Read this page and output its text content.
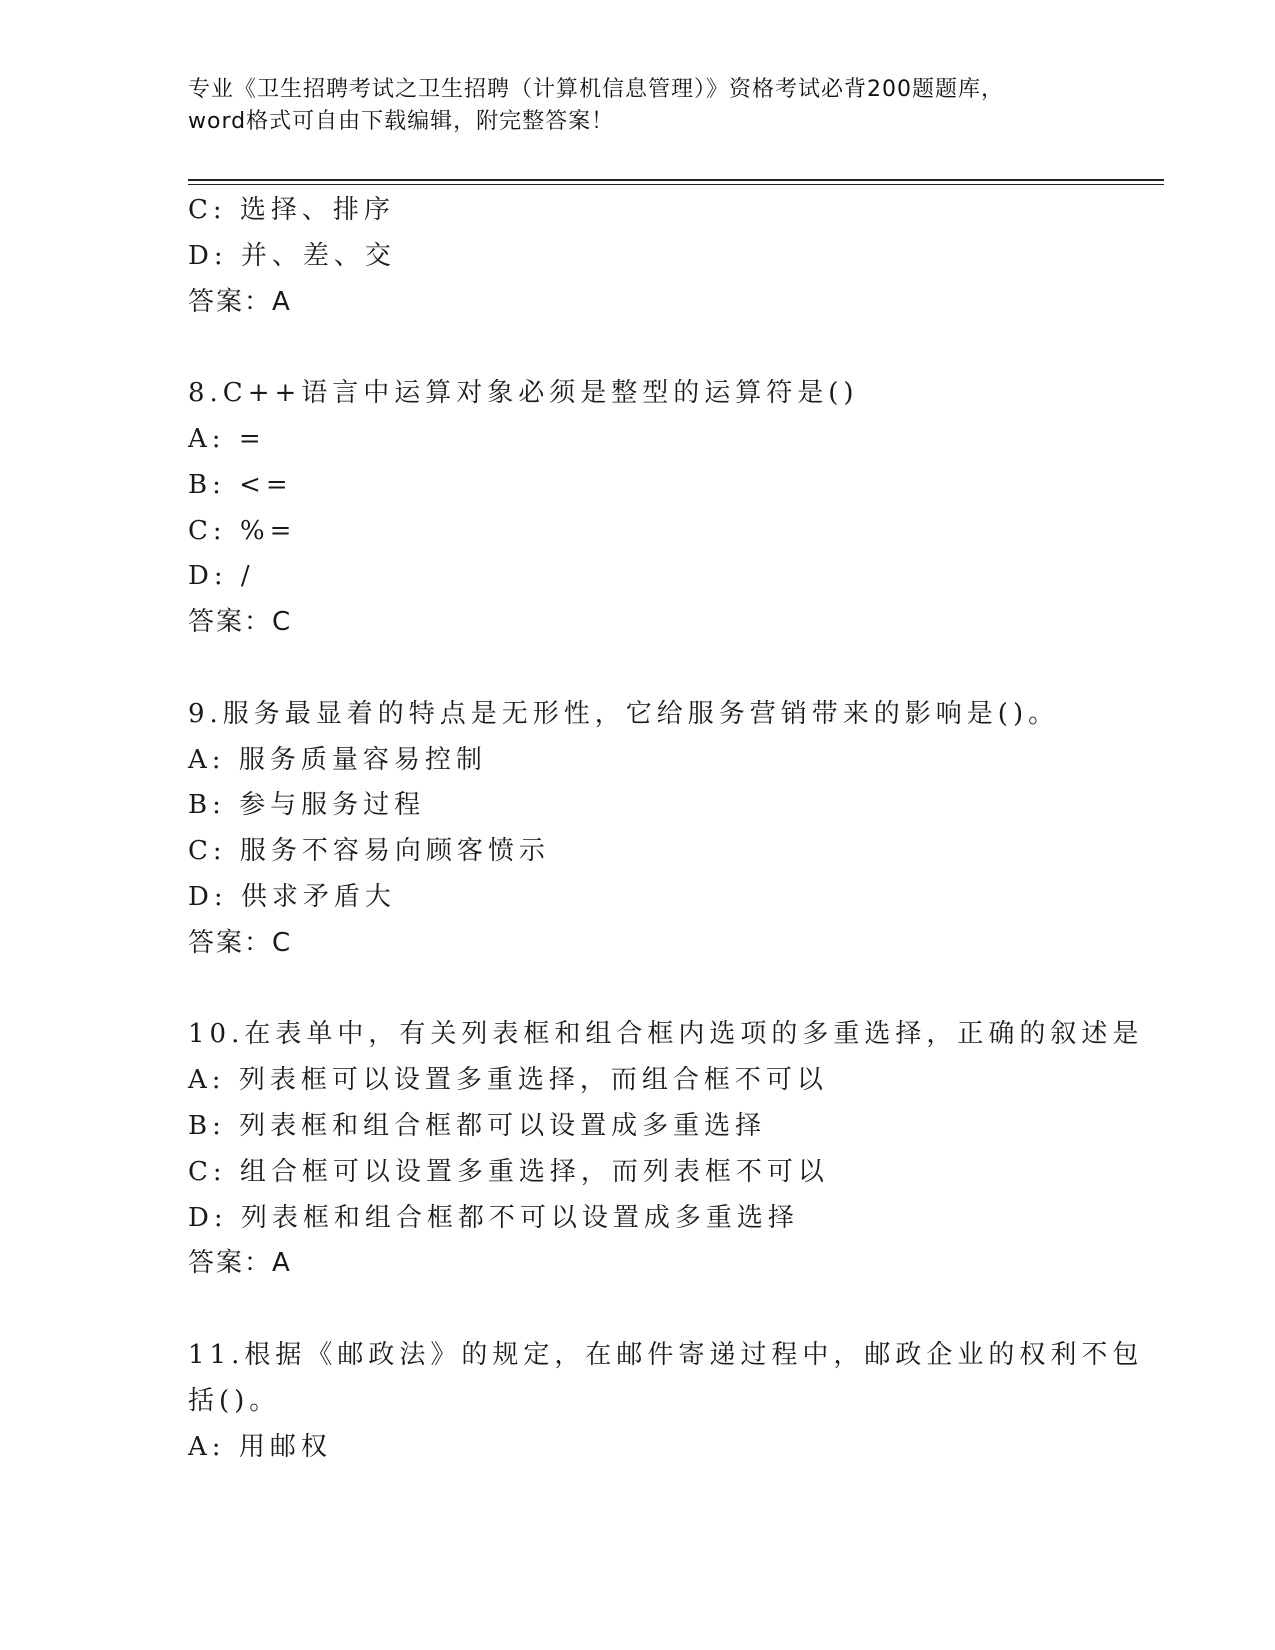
专业《卫生招聘考试之卫生招聘（计算机信息管理）》资格考试必背200题题库，
word格式可自由下载编辑，附完整答案！
C: 选择、排序
D: 并、差、交
答案：A
8.C++语言中运算对象必须是整型的运算符是()
A: =
B: <=
C: %=
D: /
答案：C
9.服务最显着的特点是无形性，它给服务营销带来的影响是()。
A: 服务质量容易控制
B: 参与服务过程
C: 服务不容易向顾客愤示
D: 供求矛盾大
答案：C
10.在表单中，有关列表框和组合框内选项的多重选择，正确的叙述是
A: 列表框可以设置多重选择，而组合框不可以
B: 列表框和组合框都可以设置成多重选择
C: 组合框可以设置多重选择，而列表框不可以
D: 列表框和组合框都不可以设置成多重选择
答案：A
11.根据《邮政法》的规定，在邮件寄递过程中，邮政企业的权利不包
括()。
A: 用邮权
